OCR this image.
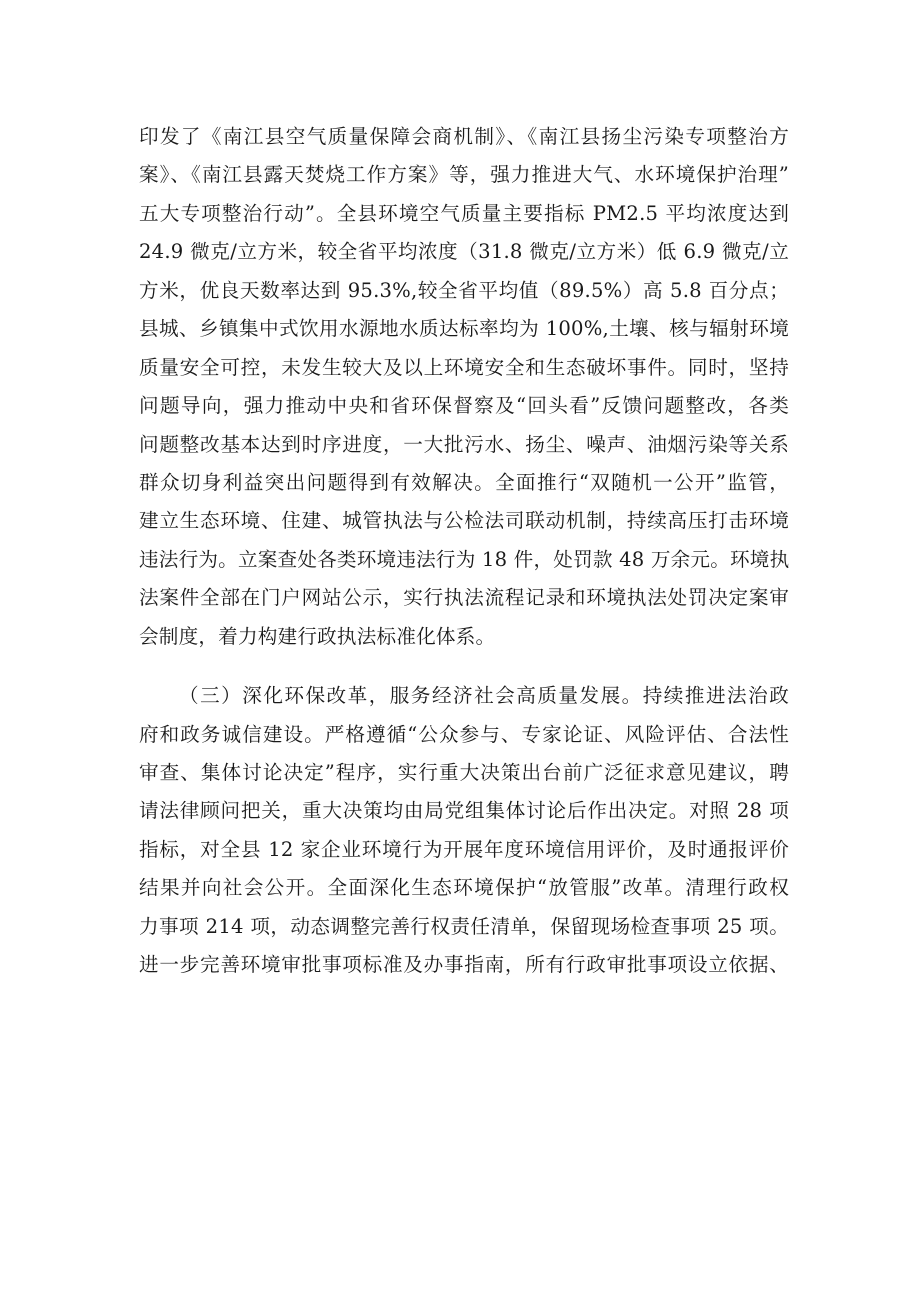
印发了《南江县空气质量保障会商机制》、《南江县扬尘污染专项整治方
案》、《南江县露天焚烧工作方案》等，强力推进大气、水环境保护治理”
五大专项整治行动”。全县环境空气质量主要指标 PM2.5 平均浓度达到
24.9 微克/立方米，较全省平均浓度（31.8 微克/立方米）低 6.9 微克/立
方米，优良天数率达到 95.3%,较全省平均值（89.5%）高 5.8 百分点；
县城、乡镇集中式饮用水源地水质达标率均为 100%,土壤、核与辐射环境
质量安全可控，未发生较大及以上环境安全和生态破坏事件。同时，坚持
问题导向，强力推动中央和省环保督察及“回头看”反馈问题整改，各类
问题整改基本达到时序进度，一大批污水、扬尘、噪声、油烟污染等关系
群众切身利益突出问题得到有效解决。全面推行“双随机一公开”监管，
建立生态环境、住建、城管执法与公检法司联动机制，持续高压打击环境
违法行为。立案查处各类环境违法行为 18 件，处罚款 48 万余元。环境执
法案件全部在门户网站公示，实行执法流程记录和环境执法处罚决定案审
会制度，着力构建行政执法标准化体系。
（三）深化环保改革，服务经济社会高质量发展。持续推进法治政
府和政务诚信建设。严格遵循“公众参与、专家论证、风险评估、合法性
审查、集体讨论决定”程序，实行重大决策出台前广泛征求意见建议，聘
请法律顾问把关，重大决策均由局党组集体讨论后作出决定。对照 28 项
指标，对全县 12 家企业环境行为开展年度环境信用评价，及时通报评价
结果并向社会公开。全面深化生态环境保护“放管服”改革。清理行政权
力事项 214 项，动态调整完善行权责任清单，保留现场检查事项 25 项。
进一步完善环境审批事项标准及办事指南，所有行政审批事项设立依据、
